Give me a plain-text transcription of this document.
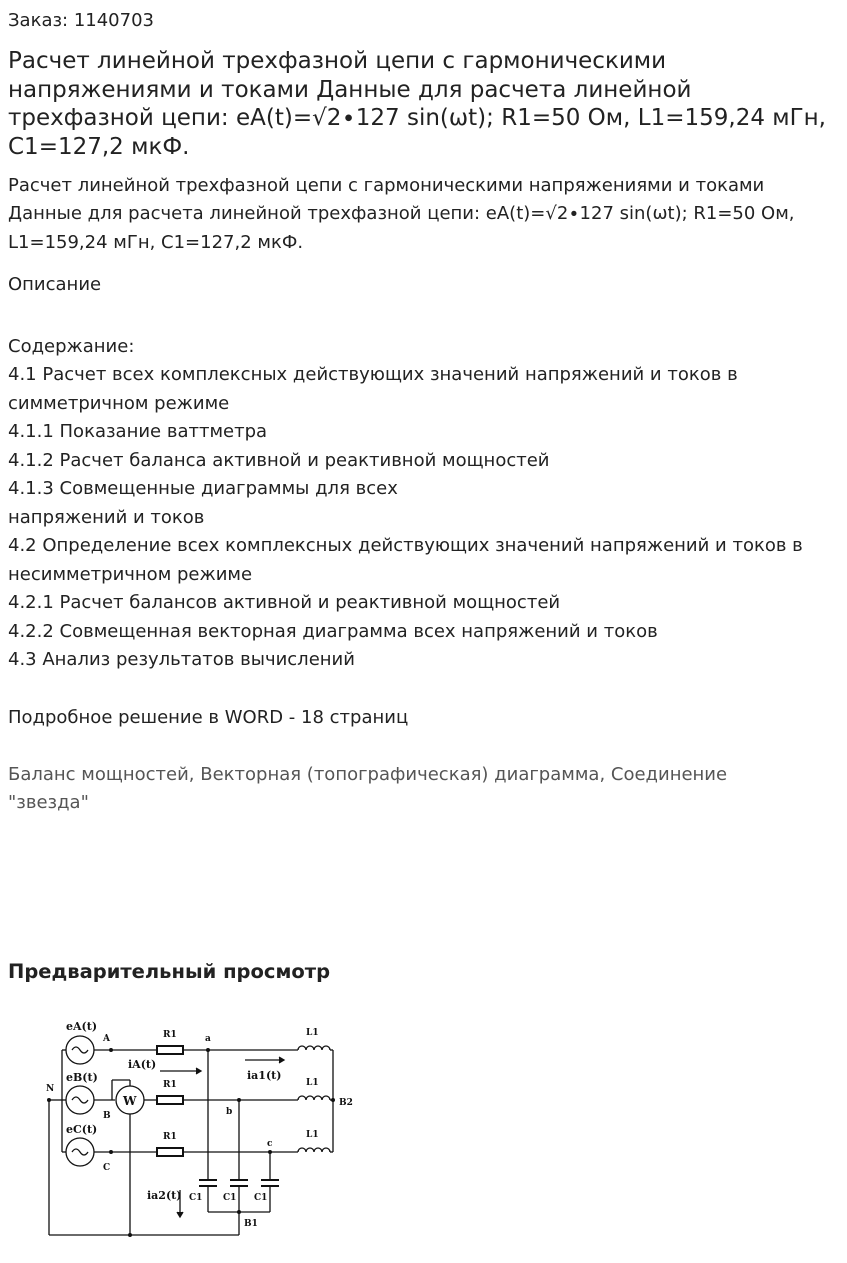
Заказ: 1140703
Расчет линейной трехфазной цепи с гармоническими напряжениями и токами Данные для расчета линейной трехфазной цепи: eA(t)=√2∙127 sin(ωt); R1=50 Ом, L1=159,24 мГн, C1=127,2 мкФ.

Расчет линейной трехфазной цепи с гармоническими напряжениями и токами Данные для расчета линейной трехфазной цепи: eA(t)=√2∙127 sin(ωt); R1=50 Ом, L1=159,24 мГн, C1=127,2 мкФ.

Описание
Содержание:
4.1 Расчет всех комплексных действующих значений напряжений и токов в симметричном режиме
4.1.1 Показание ваттметра
4.1.2 Расчет баланса активной и реактивной мощностей
4.1.3 Совмещенные диаграммы для всех
напряжений и токов
4.2 Определение всех комплексных действующих значений напряжений и токов в несимметричном режиме
4.2.1 Расчет балансов активной и реактивной мощностей
4.2.2 Совмещенная векторная диаграмма всех напряжений и токов
4.3 Анализ результатов вычислений
Подробное решение в WORD - 18 страниц
Баланс мощностей, Векторная (топографическая) диаграмма, Соединение "звезда"
Предварительный просмотр
eA(t)
eB(t)
eC(t)
A
B
C
N
R1
R1
R1
L1
L1
L1
a
b
c
C1 C1 C1
B1
B2
W
iA(t)
ia1(t)
ia2(t)
